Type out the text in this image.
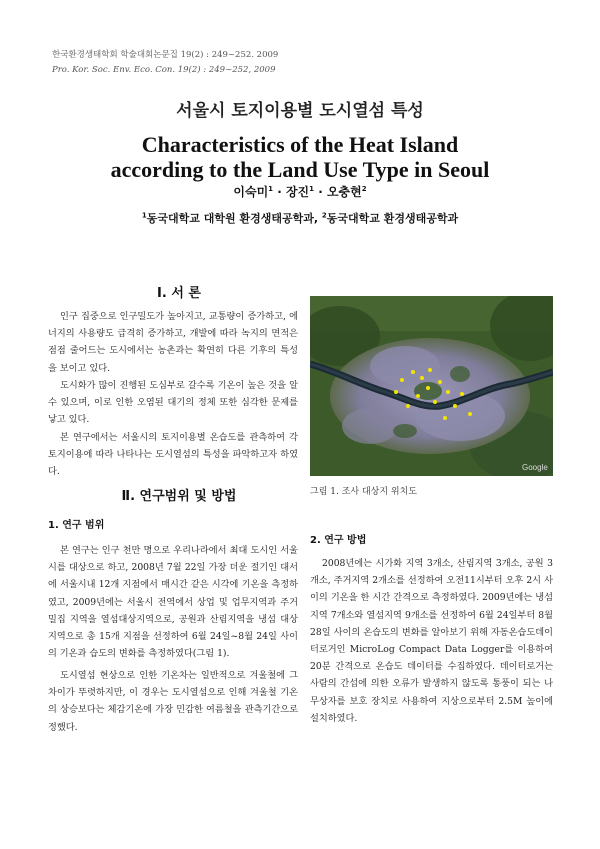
한국환경생태학회 학술대회논문집 19(2) : 249~252. 2009
Pro. Kor. Soc. Env. Eco. Con. 19(2) : 249~252, 2009
서울시 토지이용별 도시열섬 특성
Characteristics of the Heat Island
according to the Land Use Type in Seoul
이숙미$^1$ · 장진$^1$ · 오충현$^2$
$^1$동국대학교 대학원 환경생태공학과, $^2$동국대학교 환경생태공학과
Ⅰ. 서 론

인구 집중으로 인구밀도가 높아지고, 교통량이 증가하고, 에너지의 사용량도 급격히 증가하고, 개발에 따라 녹지의 면적은 점점 줄어드는 도시에서는 농촌과는 확연히 다른 기후의 특성을 보이고 있다.

도시화가 많이 진행된 도심부로 갈수록 기온이 높은 것을 알 수 있으며, 이로 인한 오염된 대기의 정체 또한 심각한 문제를 낳고 있다.

본 연구에서는 서울시의 토지이용별 온습도를 관측하여 각 토지이용에 따라 나타나는 도시열섬의 특성을 파악하고자 하였다.

Ⅱ. 연구범위 및 방법
1. 연구 범위

본 연구는 인구 천만 명으로 우리나라에서 최대 도시인 서울시를 대상으로 하고, 2008년 7월 22일 가장 더운 절기인 대서에 서울시내 12개 지점에서 매시간 같은 시각에 기온을 측정하였고, 2009년에는 서울시 전역에서 상업 및 업무지역과 주거밀집 지역을 열섬대상지역으로, 공원과 산림지역을 냉섬 대상 지역으로 총 15개 지점을 선정하여 6월 24일~8월 24일 사이의 기온과 습도의 변화를 측정하였다(그림 1).

도시열섬 현상으로 인한 기온차는 일반적으로 겨울철에 그 차이가 뚜렷하지만, 이 경우는 도시열섬으로 인해 겨울철 기온의 상승보다는 체감기온에 가장 민감한 여름철을 관측기간으로 정했다.

Google
그림 1. 조사 대상지 위치도
2. 연구 방법

2008년에는 시가화 지역 3개소, 산림지역 3개소, 공원 3개소, 주거지역 2개소를 선정하여 오전11시부터 오후 2시 사이의 기온을 한 시간 간격으로 측정하였다. 2009년에는 냉섬지역 7개소와 열섬지역 9개소를 선정하여 6월 24일부터 8월 28일 사이의 온습도의 변화를 알아보기 위해 자동온습도데이터로거인 MicroLog Compact Data Logger를 이용하여 20분 간격으로 온습도 데이터를 수집하였다. 데이터로거는 사람의 간섭에 의한 오류가 발생하지 않도록 통풍이 되는 나무상자를 보호 장치로 사용하여 지상으로부터 2.5M 높이에 설치하였다.
